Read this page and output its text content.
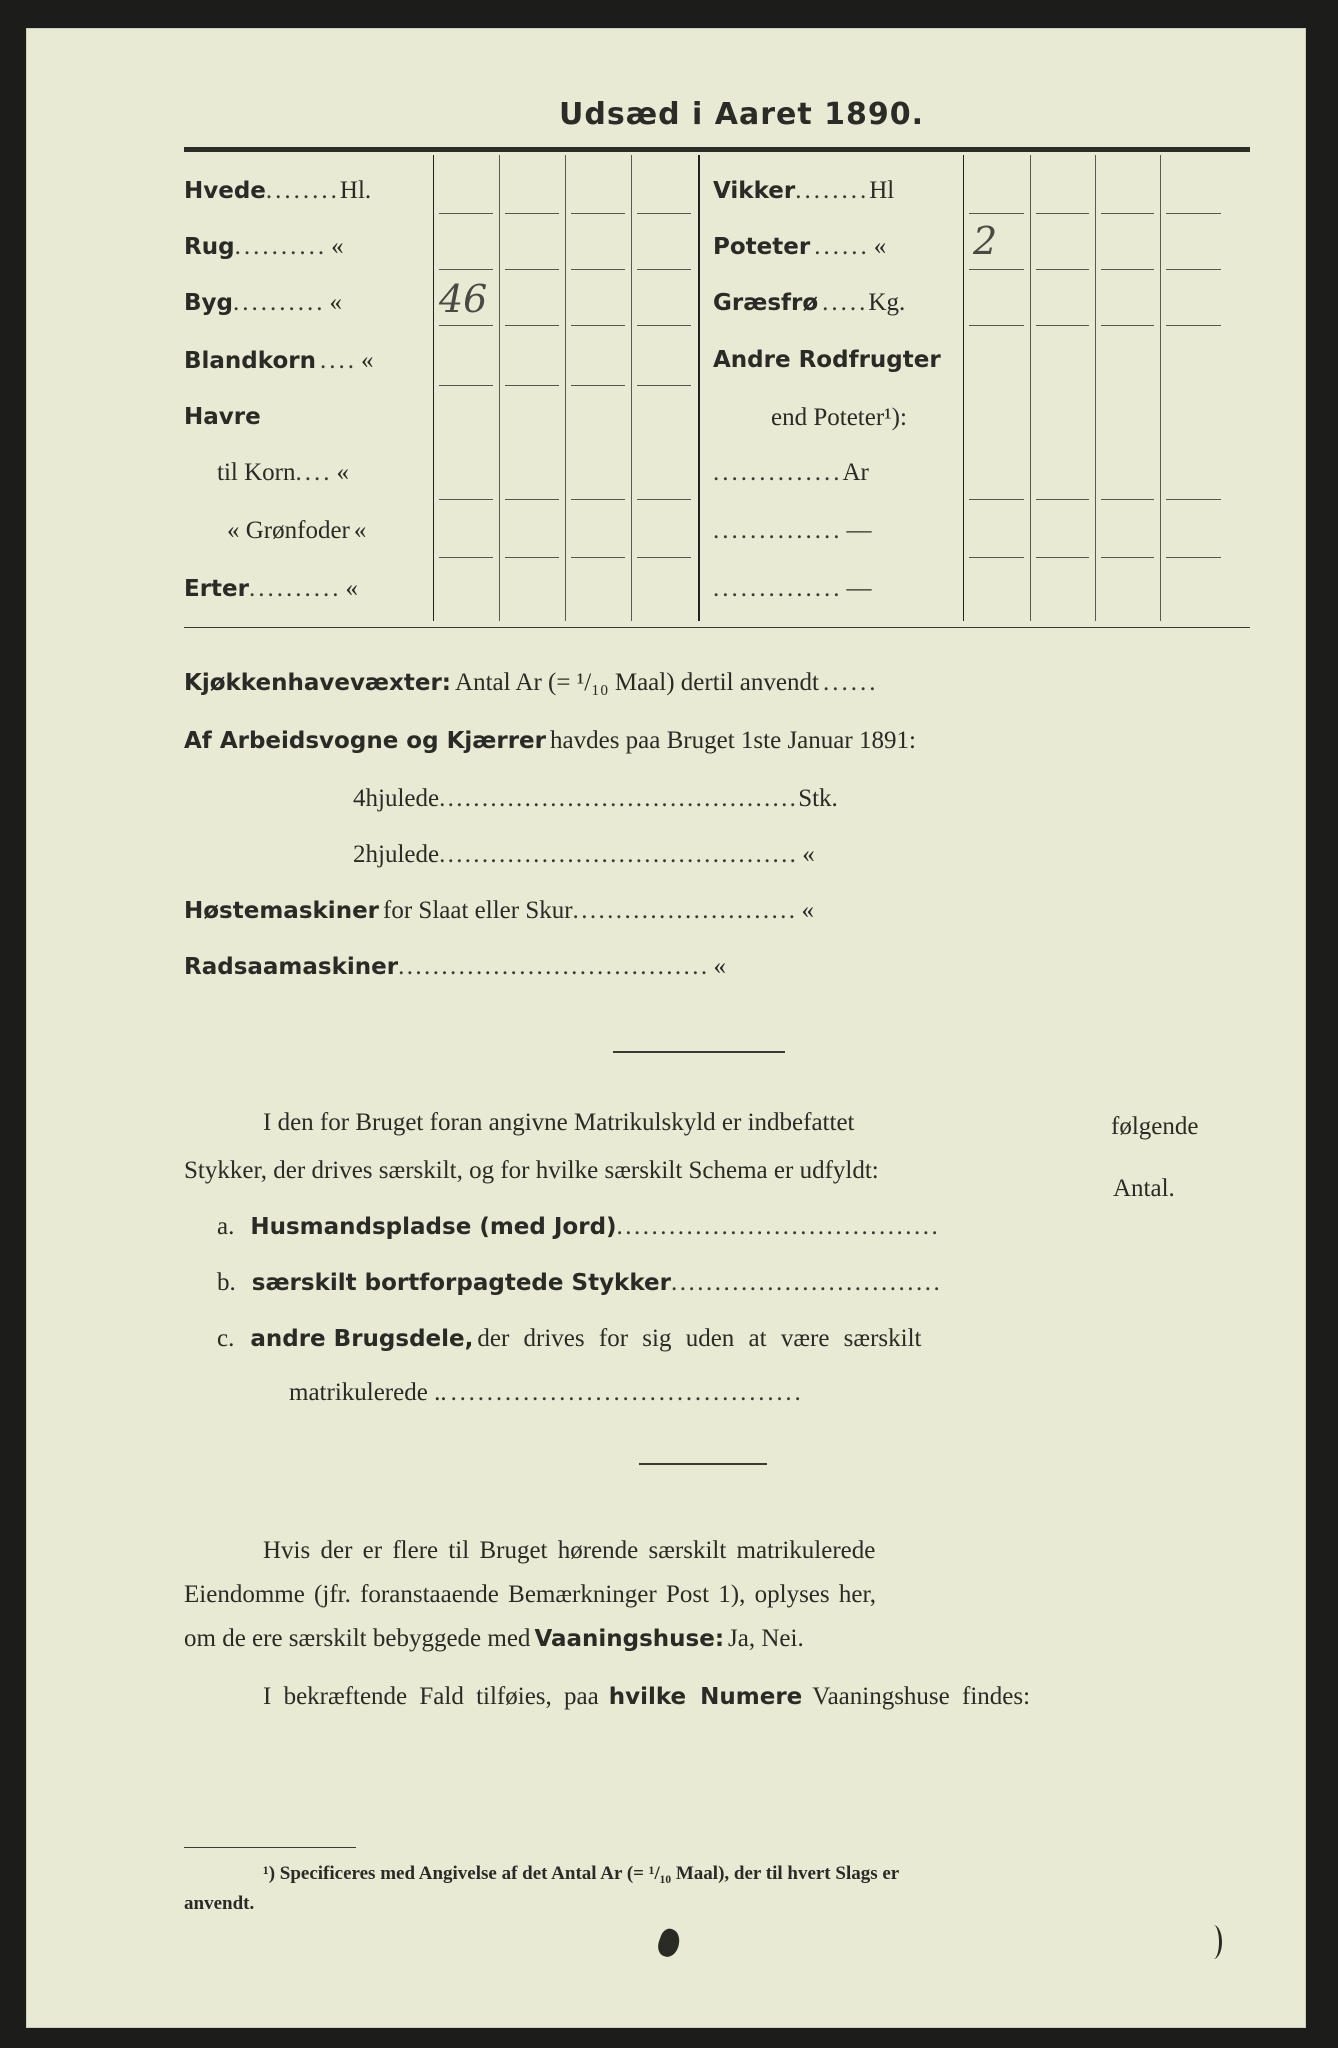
Udsæd i Aaret 1890.
Hvede........Hl.
Rug.......... «
Byg.......... «
Blandkorn .... «
Havre
til Korn.... «
« Grønfoder «
Erter.......... «
Vikker........Hl
Poteter ...... «
Græsfrø .....Kg.
Andre Rodfrugter
end Poteter¹):
..............Ar
.............. —
.............. —
46
2
Kjøkkenhavevæxter: Antal Ar (= ¹/₁₀ Maal) dertil anvendt ......
Af Arbeidsvogne og Kjærrer havdes paa Bruget 1ste Januar 1891:
4hjulede..........................................Stk.
2hjulede.......................................... «
Høstemaskiner for Slaat eller Skur.......................... «
Radsaamaskiner.................................... «
I den for Bruget foran angivne Matrikulskyld er indbefattet	følgende
Stykker, der drives særskilt, og for hvilke særskilt Schema er udfyldt:
Antal.
a. Husmandspladse (med Jord).....................................
b. særskilt bortforpagtede Stykker...............................
c. andre Brugsdele, der drives for sig uden at være særskilt
matrikulerede .. .......................................
Hvis der er flere til Bruget hørende særskilt matrikulerede
Eiendomme (jfr. foranstaaende Bemærkninger Post 1), oplyses her,
om de ere særskilt bebyggede med Vaaningshuse: Ja, Nei.
I bekræftende Fald tilføies, paa hvilke Numere Vaaningshuse findes:
¹) Specificeres med Angivelse af det Antal Ar (= ¹/₁₀ Maal), der til hvert Slags er
anvendt.
